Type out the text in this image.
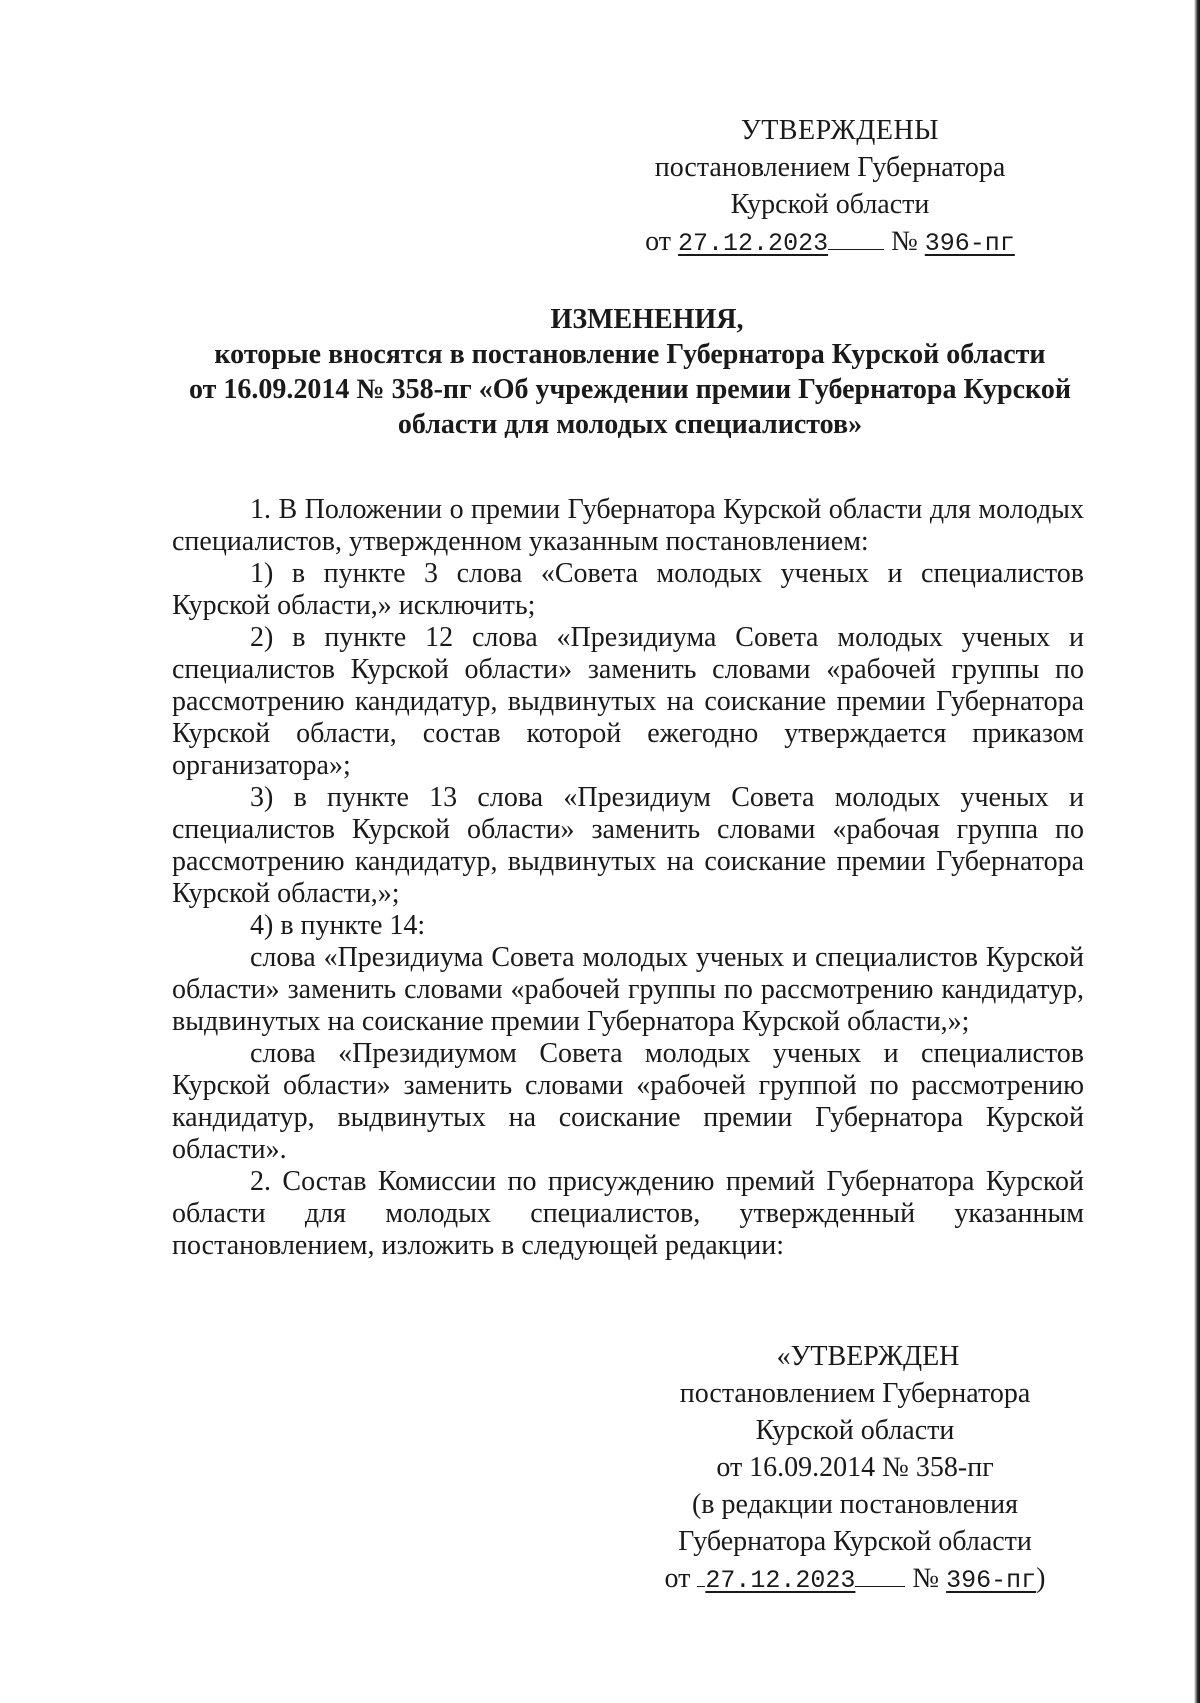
УТВЕРЖДЕНЫ
постановлением Губернатора
Курской области
от 27.12.2023 № 396-пг
ИЗМЕНЕНИЯ,
которые вносятся в постановление Губернатора Курской области
от 16.09.2014 № 358-пг «Об учреждении премии Губернатора Курской
области для молодых специалистов»

1. В Положении о премии Губернатора Курской области для молодых специалистов, утвержденном указанным постановлением:

1) в пункте 3 слова «Совета молодых ученых и специалистов Курской области,» исключить;

2) в пункте 12 слова «Президиума Совета молодых ученых и специалистов Курской области» заменить словами «рабочей группы по рассмотрению кандидатур, выдвинутых на соискание премии Губернатора Курской области, состав которой ежегодно утверждается приказом организатора»;

3) в пункте 13 слова «Президиум Совета молодых ученых и специалистов Курской области» заменить словами «рабочая группа по рассмотрению кандидатур, выдвинутых на соискание премии Губернатора Курской области,»;

4) в пункте 14:

слова «Президиума Совета молодых ученых и специалистов Курской области» заменить словами «рабочей группы по рассмотрению кандидатур, выдвинутых на соискание премии Губернатора Курской области,»;

слова «Президиумом Совета молодых ученых и специалистов Курской области» заменить словами «рабочей группой по рассмотрению кандидатур, выдвинутых на соискание премии Губернатора Курской области».

2. Состав Комиссии по присуждению премий Губернатора Курской области для молодых специалистов, утвержденный указанным постановлением, изложить в следующей редакции:

«УТВЕРЖДЕН
постановлением Губернатора
Курской области
от 16.09.2014 № 358-пг
(в редакции постановления
Губернатора Курской области
от 27.12.2023 № 396-пг)
